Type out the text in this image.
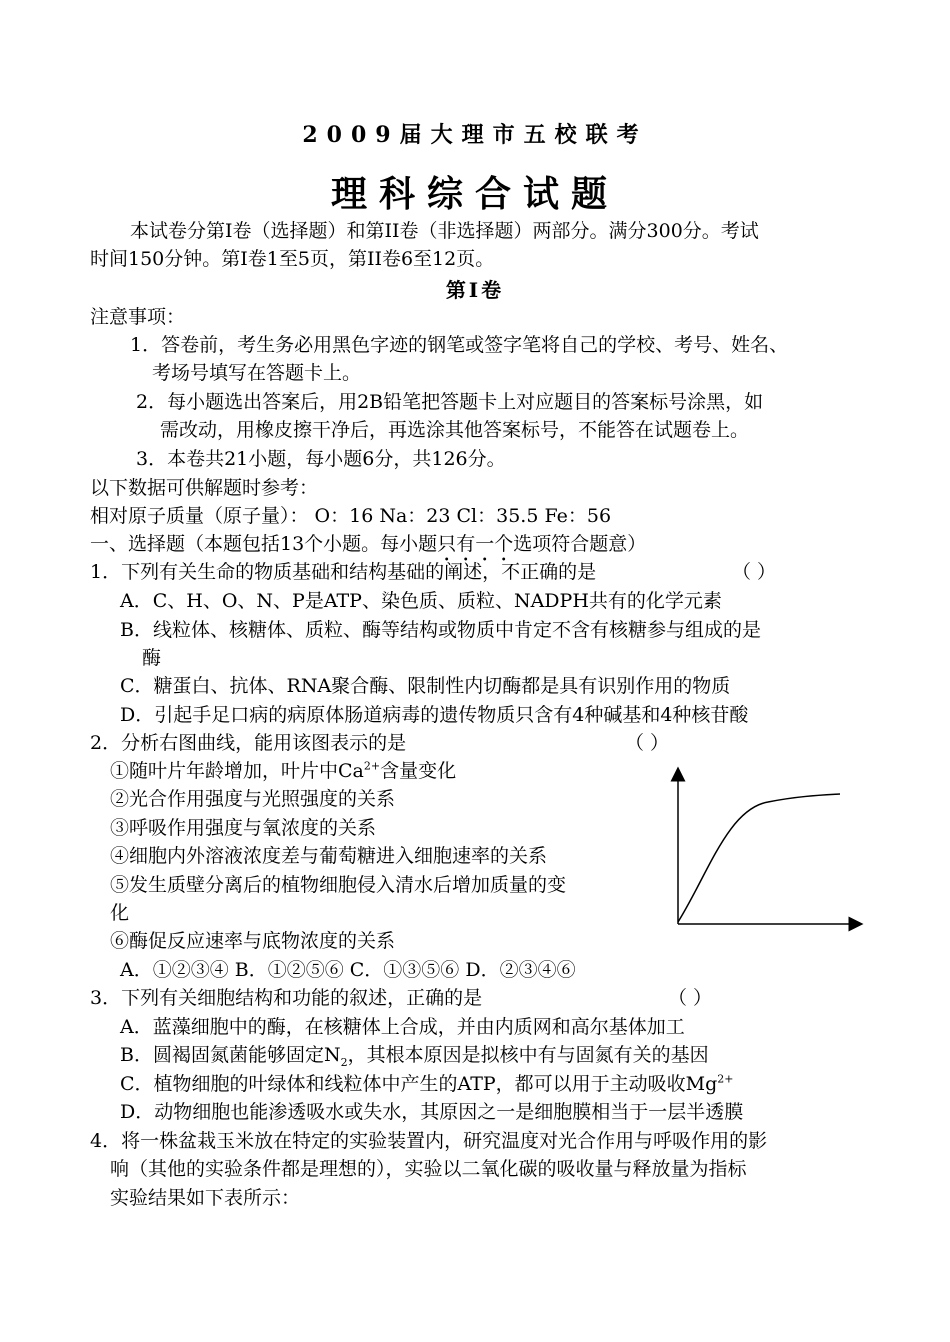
2009届大理市五校联考
理科综合试题
本试卷分第I卷（选择题）和第II卷（非选择题）两部分。满分300分。考试
时间150分钟。第I卷1至5页，第II卷6至12页。
第Ⅰ卷
注意事项：
1．答卷前，考生务必用黑色字迹的钢笔或签字笔将自己的学校、考号、姓名、
考场号填写在答题卡上。
2．每小题选出答案后，用2B铅笔把答题卡上对应题目的答案标号涂黑，如
需改动，用橡皮擦干净后，再选涂其他答案标号，不能答在试题卷上。
3．本卷共21小题，每小题6分，共126分。
以下数据可供解题时参考：
相对原子质量（原子量）： O：16 Na：23 Cl：35.5 Fe：56
一、选择题（本题包括13个小题。每小题只有一个选项符合题意）
1．下列有关生命的物质基础和结构基础的阐述，不正确的是	（ ）
A．C、H、O、N、P是ATP、染色质、质粒、NADPH共有的化学元素
B．线粒体、核糖体、质粒、酶等结构或物质中肯定不含有核糖参与组成的是
酶
C．糖蛋白、抗体、RNA聚合酶、限制性内切酶都是具有识别作用的物质
D．引起手足口病的病原体肠道病毒的遗传物质只含有4种碱基和4种核苷酸
2．分析右图曲线，能用该图表示的是	（ ）
①随叶片年龄增加，叶片中$Ca^{2+}$含量变化
②光合作用强度与光照强度的关系
③呼吸作用强度与氧浓度的关系
④细胞内外溶液浓度差与葡萄糖进入细胞速率的关系
⑤发生质壁分离后的植物细胞侵入清水后增加质量的变
化
⑥酶促反应速率与底物浓度的关系
A．①②③④ B．①②⑤⑥ C．①③⑤⑥ D．②③④⑥
3．下列有关细胞结构和功能的叙述，正确的是	（ ）
A．蓝藻细胞中的酶，在核糖体上合成，并由内质网和高尔基体加工
B．圆褐固氮菌能够固定$N_2$，其根本原因是拟核中有与固氮有关的基因
C．植物细胞的叶绿体和线粒体中产生的ATP，都可以用于主动吸收$Mg^{2+}$
D．动物细胞也能渗透吸水或失水，其原因之一是细胞膜相当于一层半透膜
4．将一株盆栽玉米放在特定的实验装置内，研究温度对光合作用与呼吸作用的影
响（其他的实验条件都是理想的），实验以二氧化碳的吸收量与释放量为指标
实验结果如下表所示：
